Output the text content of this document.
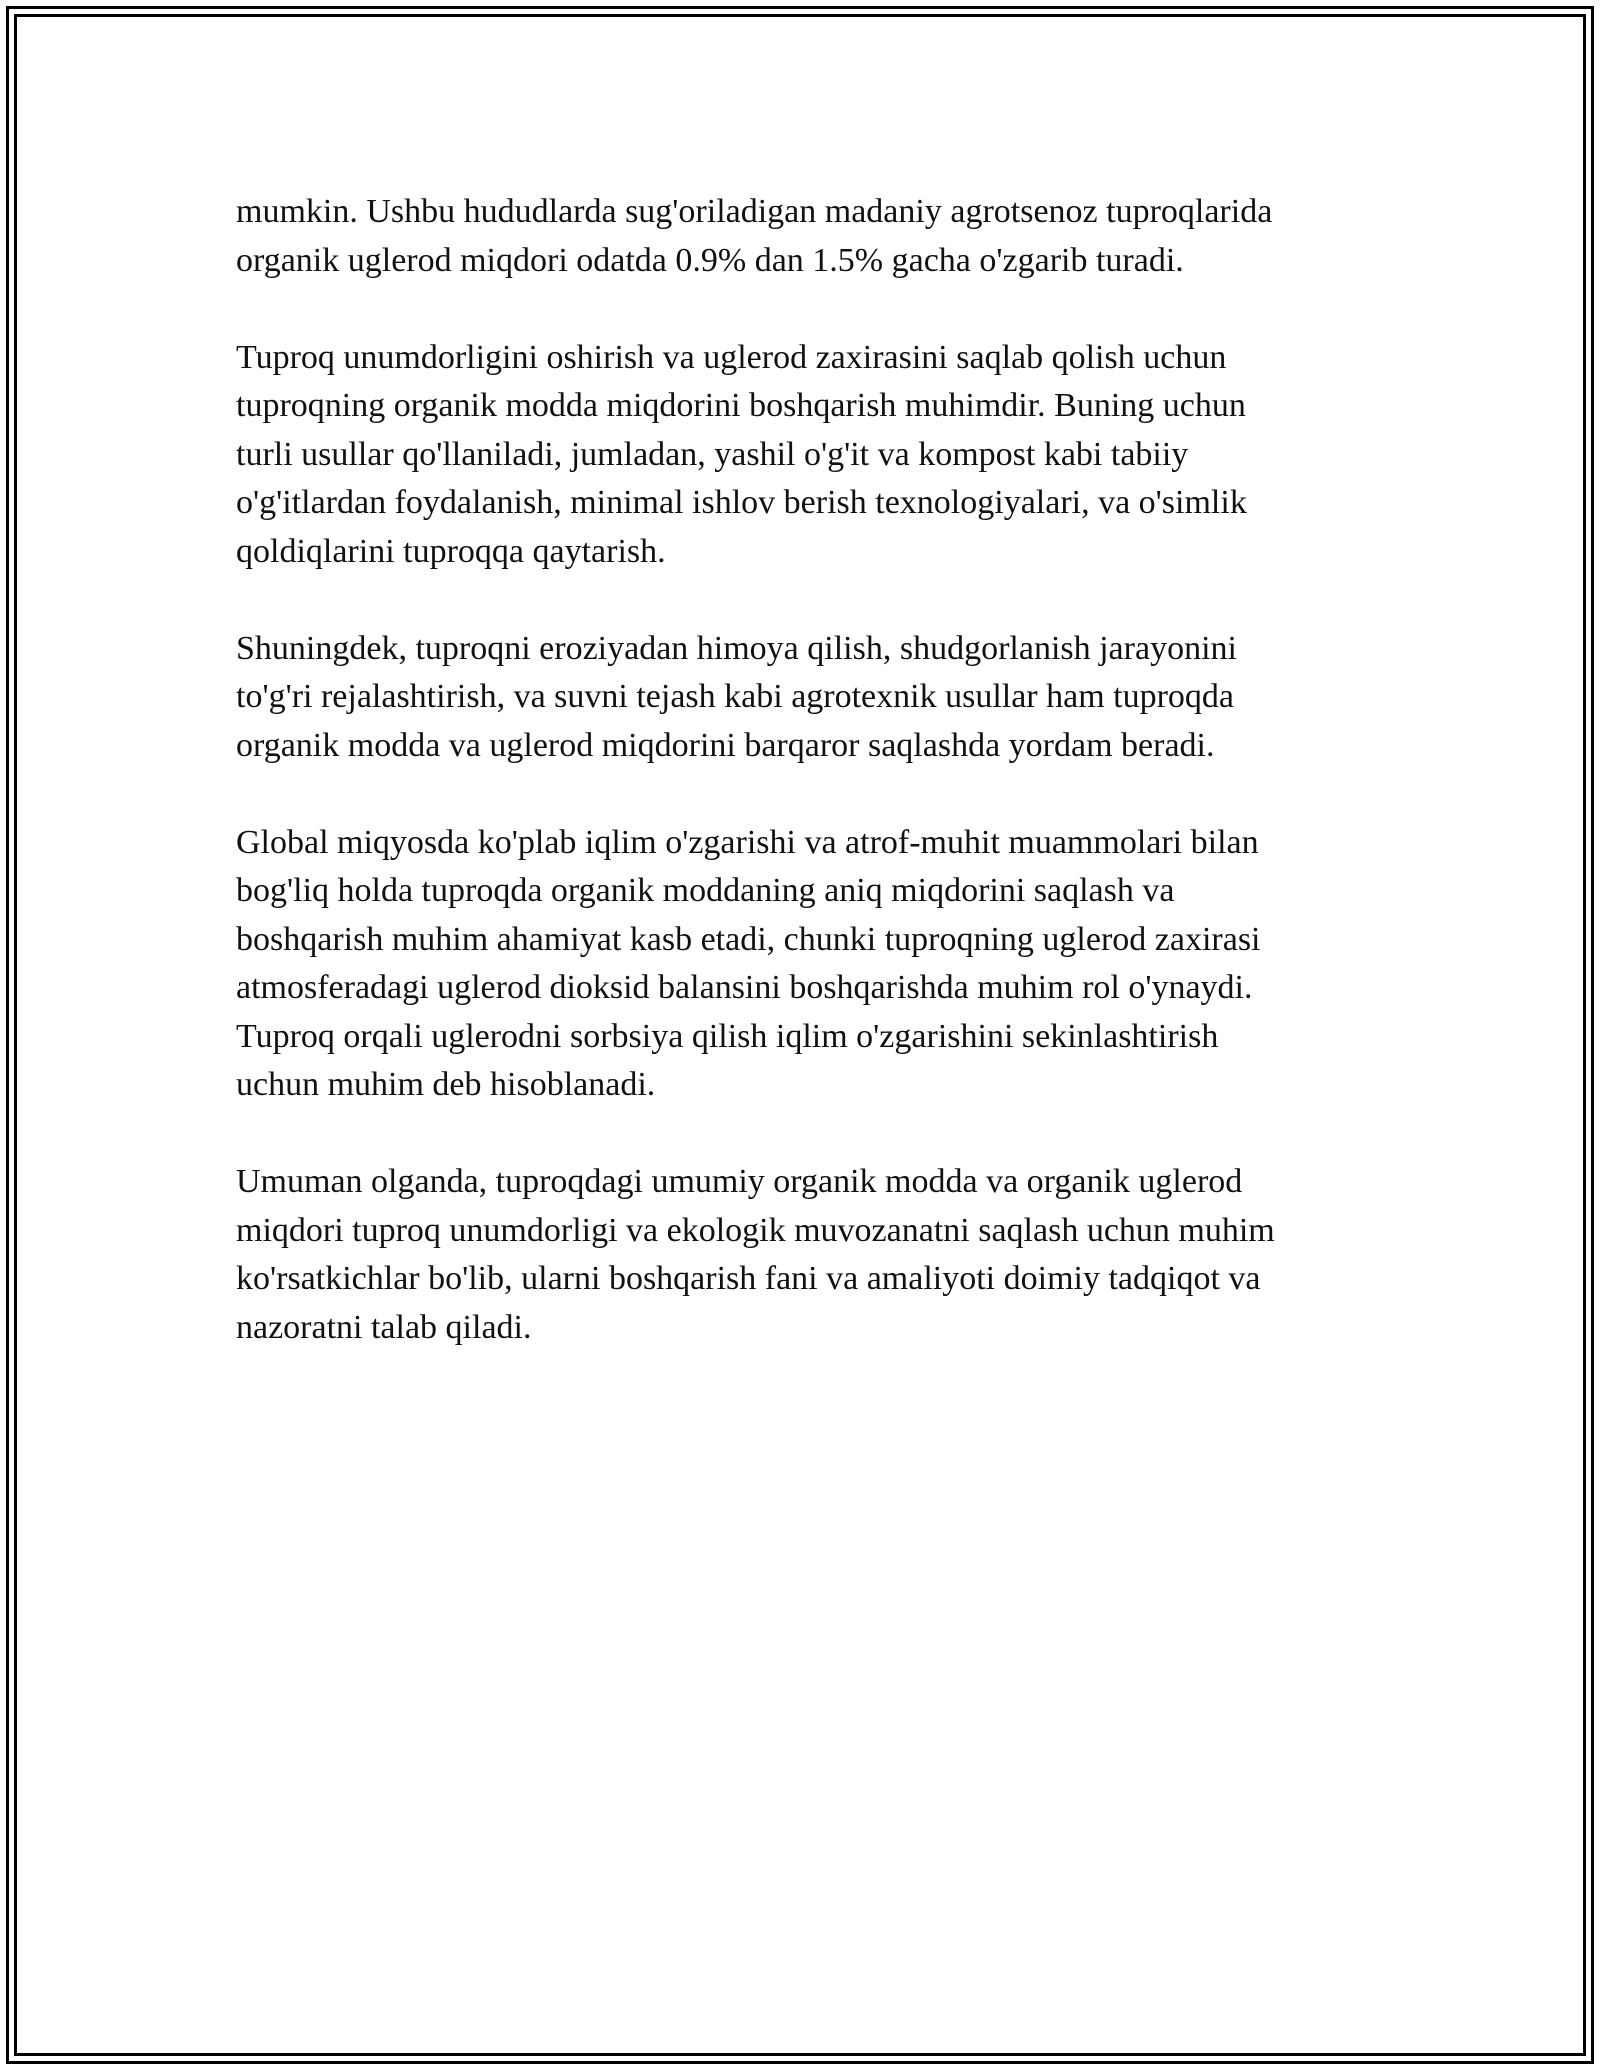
mumkin. Ushbu hududlarda sug'oriladigan madaniy agrotsenoz tuproqlarida
organik uglerod miqdori odatda 0.9% dan 1.5% gacha o'zgarib turadi.

Tuproq unumdorligini oshirish va uglerod zaxirasini saqlab qolish uchun
tuproqning organik modda miqdorini boshqarish muhimdir. Buning uchun
turli usullar qo'llaniladi, jumladan, yashil o'g'it va kompost kabi tabiiy
o'g'itlardan foydalanish, minimal ishlov berish texnologiyalari, va o'simlik
qoldiqlarini tuproqqa qaytarish.

Shuningdek, tuproqni eroziyadan himoya qilish, shudgorlanish jarayonini
to'g'ri rejalashtirish, va suvni tejash kabi agrotexnik usullar ham tuproqda
organik modda va uglerod miqdorini barqaror saqlashda yordam beradi.

Global miqyosda ko'plab iqlim o'zgarishi va atrof-muhit muammolari bilan
bog'liq holda tuproqda organik moddaning aniq miqdorini saqlash va
boshqarish muhim ahamiyat kasb etadi, chunki tuproqning uglerod zaxirasi
atmosferadagi uglerod dioksid balansini boshqarishda muhim rol o'ynaydi.
Tuproq orqali uglerodni sorbsiya qilish iqlim o'zgarishini sekinlashtirish
uchun muhim deb hisoblanadi.

Umuman olganda, tuproqdagi umumiy organik modda va organik uglerod
miqdori tuproq unumdorligi va ekologik muvozanatni saqlash uchun muhim
ko'rsatkichlar bo'lib, ularni boshqarish fani va amaliyoti doimiy tadqiqot va
nazoratni talab qiladi.
